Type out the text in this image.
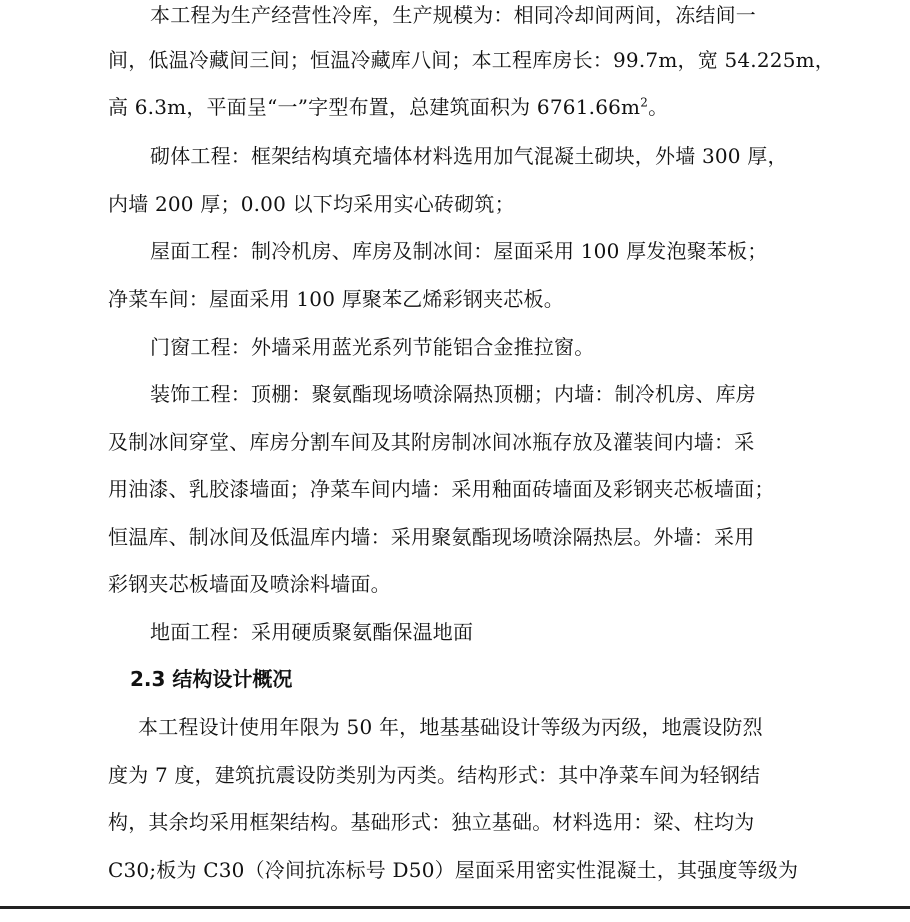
本工程为生产经营性冷库，生产规模为：相同冷却间两间，冻结间一
间，低温冷藏间三间；恒温冷藏库八间；本工程库房长：99.7m，宽 54.225m，
高 6.3m，平面呈“一”字型布置，总建筑面积为 $6761.66m^2$。
砌体工程：框架结构填充墙体材料选用加气混凝土砌块，外墙 300 厚，
内墙 200 厚；0.00 以下均采用实心砖砌筑；
屋面工程：制冷机房、库房及制冰间：屋面采用 100 厚发泡聚苯板；
净菜车间：屋面采用 100 厚聚苯乙烯彩钢夹芯板。
门窗工程：外墙采用蓝光系列节能铝合金推拉窗。
装饰工程：顶棚：聚氨酯现场喷涂隔热顶棚；内墙：制冷机房、库房
及制冰间穿堂、库房分割车间及其附房制冰间冰瓶存放及灌装间内墙：采
用油漆、乳胶漆墙面；净菜车间内墙：采用釉面砖墙面及彩钢夹芯板墙面；
恒温库、制冰间及低温库内墙：采用聚氨酯现场喷涂隔热层。外墙：采用
彩钢夹芯板墙面及喷涂料墙面。
地面工程：采用硬质聚氨酯保温地面
2.3 结构设计概况
本工程设计使用年限为 50 年，地基基础设计等级为丙级，地震设防烈
度为 7 度，建筑抗震设防类别为丙类。结构形式：其中净菜车间为轻钢结
构，其余均采用框架结构。基础形式：独立基础。材料选用：梁、柱均为
C30;板为 C30（冷间抗冻标号 D50）屋面采用密实性混凝土，其强度等级为
